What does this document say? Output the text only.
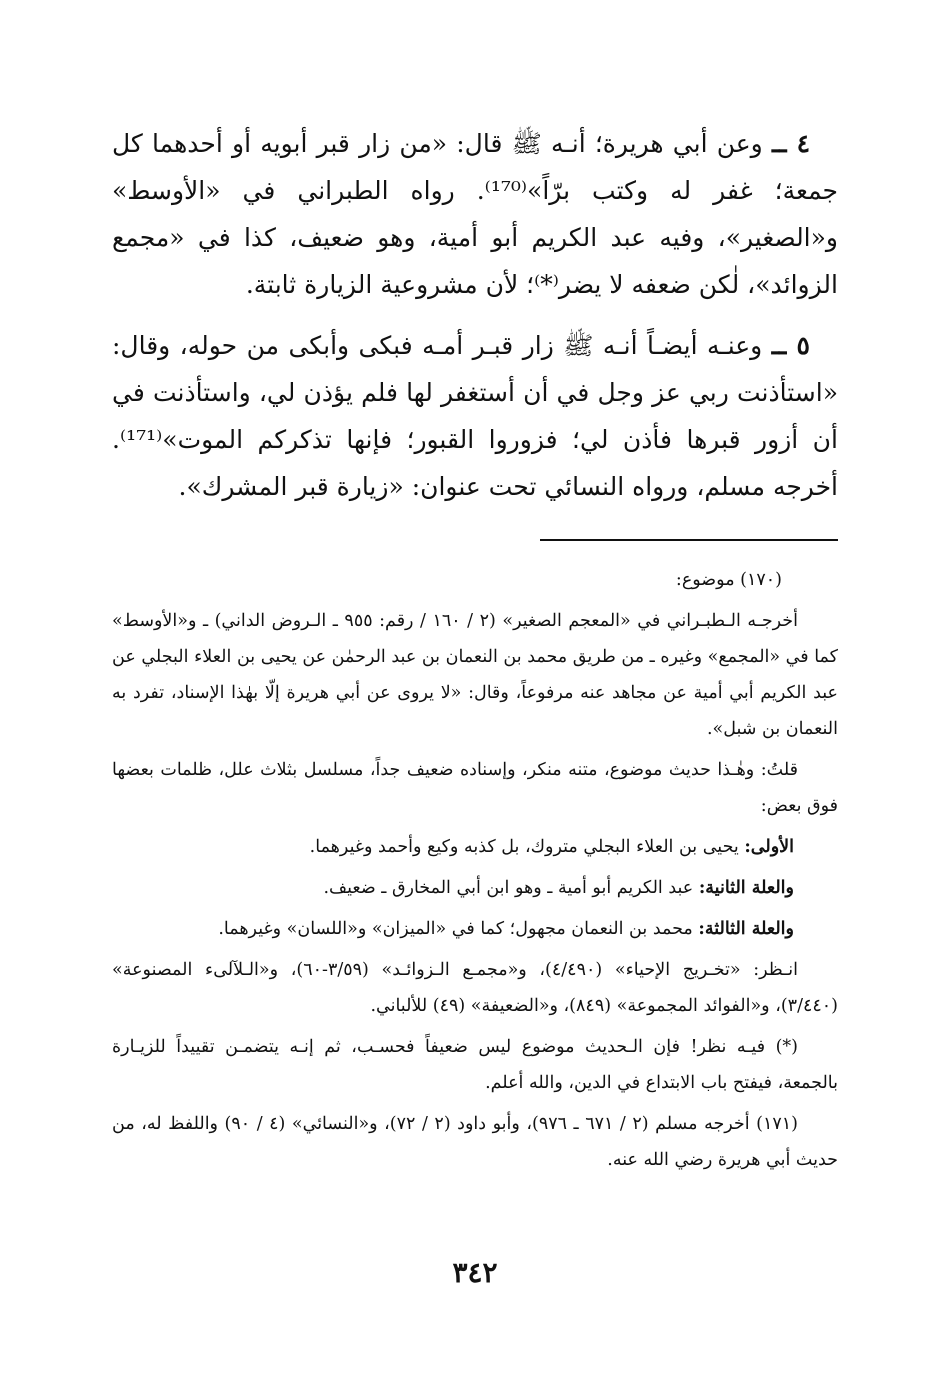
٤ ــ وعن أبي هريرة؛ أنـه ﷺ قال: «من زار قبر أبويه أو أحدهما كل جمعة؛ غفر له وكتب برّاً»⁽¹⁷⁰⁾. رواه الطبراني في «الأوسط» و«الصغير»، وفيه عبد الكريم أبو أمية، وهو ضعيف، كذا في «مجمع الزوائد»، لٰكن ضعفه لا يضر⁽*⁾؛ لأن مشروعية الزيارة ثابتة.

٥ ــ وعنـه أيضـاً أنـه ﷺ زار قبـر أمـه فبكى وأبكى من حوله، وقال: «استأذنت ربي عز وجل في أن أستغفر لها فلم يؤذن لي، واستأذنت في أن أزور قبرها فأذن لي؛ فزوروا القبور؛ فإنها تذكركم الموت»⁽¹⁷¹⁾. أخرجه مسلم، ورواه النسائي تحت عنوان: «زيارة قبر المشرك».

(١٧٠) موضوع:

أخرجـه الـطبـراني في «المعجم الصغير» (٢ / ١٦٠ / رقم: ٩٥٥ ـ الـروض الداني) ـ و«الأوسط» كما في «المجمع» وغيره ـ من طريق محمد بن النعمان بن عبد الرحمٰن عن يحيى بن العلاء البجلي عن عبد الكريم أبي أمية عن مجاهد عنه مرفوعاً، وقال: «لا يروى عن أبي هريرة إلّا بهٰذا الإسناد، تفرد به النعمان بن شبل».

قلتُ: وهٰـذا حديث موضوع، متنه منكر، وإسناده ضعيف جداً، مسلسل بثلاث علل، ظلمات بعضها فوق بعض:

الأولى: يحيى بن العلاء البجلي متروك، بل كذبه وكيع وأحمد وغيرهما.

والعلة الثانية: عبد الكريم أبو أمية ـ وهو ابن أبي المخارق ـ ضعيف.

والعلة الثالثة: محمد بن النعمان مجهول؛ كما في «الميزان» و«اللسان» وغيرهما.

انـظر: «تخـريج الإحياء» (٤/٤٩٠)، و«مجمـع الـزوائـد» (٣/٥٩-٦٠)، و«الـلآلىء المصنوعة» (٣/٤٤٠)، و«الفوائد المجموعة» (٨٤٩)، و«الضعيفة» (٤٩) للألباني.

(*) فيـه نظر! فإن الـحديث موضوع ليس ضعيفاً فحسـب، ثم إنـه يتضمـن تقييداً للزيـارة بالجمعة، فيفتح باب الابتداع في الدين، والله أعلم.

(١٧١) أخرجه مسلم (٢ / ٦٧١ ـ ٩٧٦)، وأبو داود (٢ / ٧٢)، و«النسائي» (٤ / ٩٠) واللفظ له، من حديث أبي هريرة رضي الله عنه.

٣٤٢
